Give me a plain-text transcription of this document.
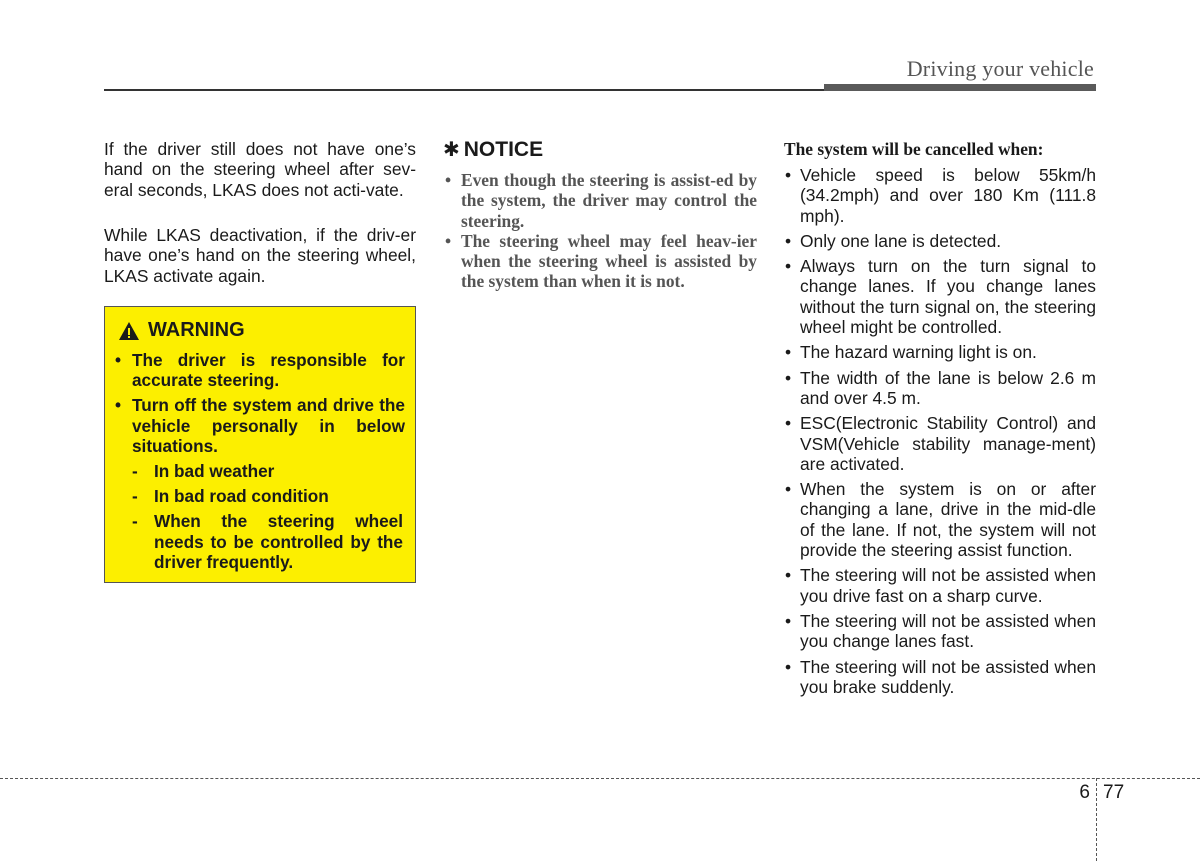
Driving your vehicle

If the driver still does not have one’s hand on the steering wheel after sev-eral seconds, LKAS does not acti-vate.

While LKAS deactivation, if the driv-er have one’s hand on the steering wheel, LKAS activate again.

WARNING
• The driver is responsible for accurate steering.
• Turn off the system and drive the vehicle personally in below situations.
- In bad weather
- In bad road condition
- When the steering wheel needs to be controlled by the driver frequently.
✱ NOTICE
• Even though the steering is assist-ed by the system, the driver may control the steering.
• The steering wheel may feel heav-ier when the steering wheel is assisted by the system than when it is not.
The system will be cancelled when:
• Vehicle speed is below 55km/h (34.2mph) and over 180 Km (111.8 mph).
• Only one lane is detected.
• Always turn on the turn signal to change lanes. If you change lanes without the turn signal on, the steering wheel might be controlled.
• The hazard warning light is on.
• The width of the lane is below 2.6 m and over 4.5 m.
• ESC(Electronic Stability Control) and VSM(Vehicle stability manage-ment) are activated.
• When the system is on or after changing a lane, drive in the mid-dle of the lane. If not, the system will not provide the steering assist function.
• The steering will not be assisted when you drive fast on a sharp curve.
• The steering will not be assisted when you change lanes fast.
• The steering will not be assisted when you brake suddenly.
6 77
